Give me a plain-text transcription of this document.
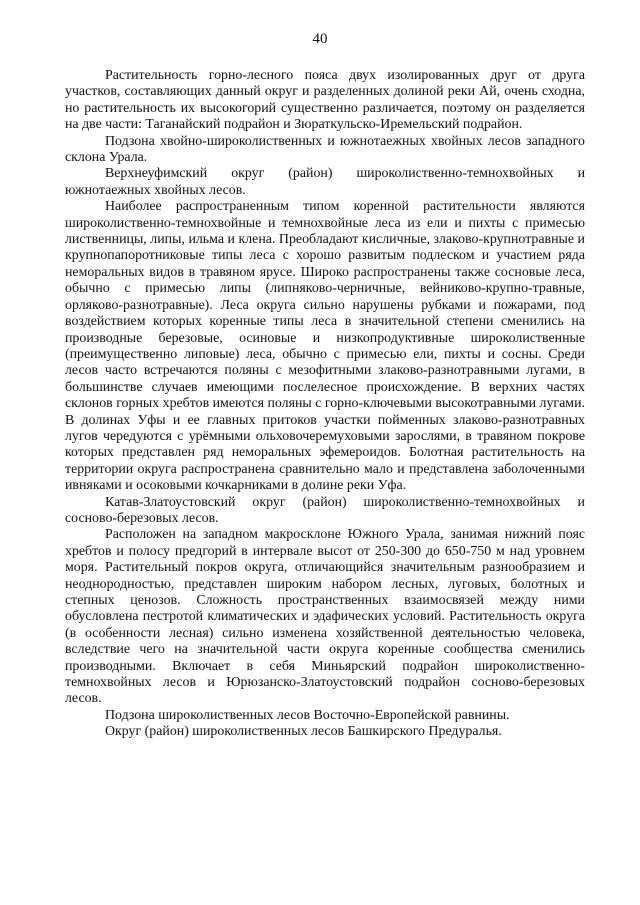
40

Растительность горно-лесного пояса двух изолированных друг от друга участков, составляющих данный округ и разделенных долиной реки Ай, очень сходна, но растительность их высокогорий существенно различается, поэтому он разделяется на две части: Таганайский подрайон и Зюраткульско-Иремельский подрайон.

Подзона хвойно-широколиственных и южнотаежных хвойных лесов западного склона Урала.

Верхнеуфимский округ (район) широколиственно-темнохвойных и южнотаежных хвойных лесов.

Наиболее распространенным типом коренной растительности являются широколиственно-темнохвойные и темнохвойные леса из ели и пихты с примесью лиственницы, липы, ильма и клена. Преобладают кисличные, злаково-крупнотравные и крупнопапоротниковые типы леса с хорошо развитым подлеском и участием ряда неморальных видов в травяном ярусе. Широко распространены также сосновые леса, обычно с примесью липы (липняково-черничные, вейниково-крупно-травные, орляково-разнотравные). Леса округа сильно нарушены рубками и пожарами, под воздействием которых коренные типы леса в значительной степени сменились на производные березовые, осиновые и низкопродуктивные широколиственные (преимущественно липовые) леса, обычно с примесью ели, пихты и сосны. Среди лесов часто встречаются поляны с мезофитными злаково-разнотравными лугами, в большинстве случаев имеющими послелесное происхождение. В верхних частях склонов горных хребтов имеются поляны с горно-ключевыми высокотравными лугами. В долинах Уфы и ее главных притоков участки пойменных злаково-разнотравных лугов чередуются с урёмными ольховочеремуховыми зарослями, в травяном покрове которых представлен ряд неморальных эфемероидов. Болотная растительность на территории округа распространена сравнительно мало и представлена заболоченными ивняками и осоковыми кочкарниками в долине реки Уфа.

Катав-Златоустовский округ (район) широколиственно-темнохвойных и сосново-березовых лесов.

Расположен на западном макросклоне Южного Урала, занимая нижний пояс хребтов и полосу предгорий в интервале высот от 250-300 до 650-750 м над уровнем моря. Растительный покров округа, отличающийся значительным разнообразием и неоднородностью, представлен широким набором лесных, луговых, болотных и степных ценозов. Сложность пространственных взаимосвязей между ними обусловлена пестротой климатических и эдафических условий. Растительность округа (в особенности лесная) сильно изменена хозяйственной деятельностью человека, вследствие чего на значительной части округа коренные сообщества сменились производными. Включает в себя Миньярский подрайон широколиственно-темнохвойных лесов и Юрюзанско-Златоустовский подрайон сосново-березовых лесов.

Подзона широколиственных лесов Восточно-Европейской равнины.

Округ (район) широколиственных лесов Башкирского Предуралья.
